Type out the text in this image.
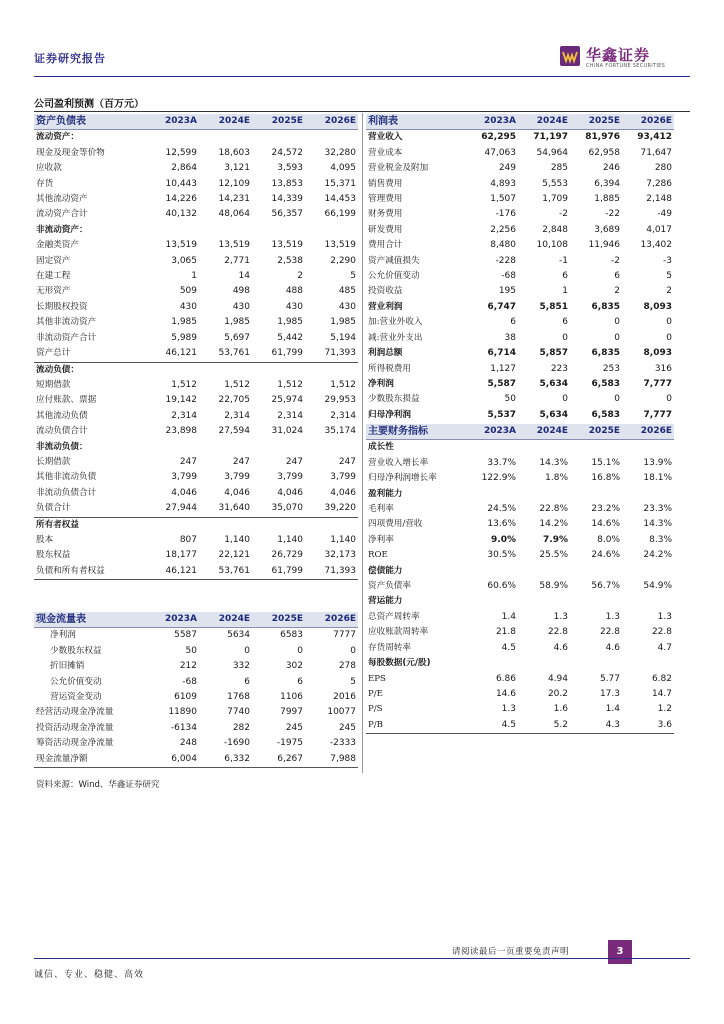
证券研究报告	华鑫证券
CHINA FORTUNE SECURITIES
公司盈利预测（百万元）
资产负债表	2023A	2024E	2025E	2026E
流动资产：				
现金及现金等价物	12,599	18,603	24,572	32,280
应收款	2,864	3,121	3,593	4,095
存货	10,443	12,109	13,853	15,371
其他流动资产	14,226	14,231	14,339	14,453
流动资产合计	40,132	48,064	56,357	66,199
非流动资产：				
金融类资产	13,519	13,519	13,519	13,519
固定资产	3,065	2,771	2,538	2,290
在建工程	1	14	2	5
无形资产	509	498	488	485
长期股权投资	430	430	430	430
其他非流动资产	1,985	1,985	1,985	1,985
非流动资产合计	5,989	5,697	5,442	5,194
资产总计	46,121	53,761	61,799	71,393
流动负债：				
短期借款	1,512	1,512	1,512	1,512
应付账款、票据	19,142	22,705	25,974	29,953
其他流动负债	2,314	2,314	2,314	2,314
流动负债合计	23,898	27,594	31,024	35,174
非流动负债：				
长期借款	247	247	247	247
其他非流动负债	3,799	3,799	3,799	3,799
非流动负债合计	4,046	4,046	4,046	4,046
负债合计	27,944	31,640	35,070	39,220
所有者权益				
股本	807	1,140	1,140	1,140
股东权益	18,177	22,121	26,729	32,173
负债和所有者权益	46,121	53,761	61,799	71,393
利润表	2023A	2024E	2025E	2026E
营业收入	62,295	71,197	81,976	93,412
营业成本	47,063	54,964	62,958	71,647
营业税金及附加	249	285	246	280
销售费用	4,893	5,553	6,394	7,286
管理费用	1,507	1,709	1,885	2,148
财务费用	-176	-2	-22	-49
研发费用	2,256	2,848	3,689	4,017
费用合计	8,480	10,108	11,946	13,402
资产减值损失	-228	-1	-2	-3
公允价值变动	-68	6	6	5
投资收益	195	1	2	2
营业利润	6,747	5,851	6,835	8,093
加:营业外收入	6	6	0	0
减:营业外支出	38	0	0	0
利润总额	6,714	5,857	6,835	8,093
所得税费用	1,127	223	253	316
净利润	5,587	5,634	6,583	7,777
少数股东损益	50	0	0	0
归母净利润	5,537	5,634	6,583	7,777
主要财务指标	2023A	2024E	2025E	2026E
成长性				
营业收入增长率	33.7%	14.3%	15.1%	13.9%
归母净利润增长率	122.9%	1.8%	16.8%	18.1%
盈利能力				
毛利率	24.5%	22.8%	23.2%	23.3%
四项费用/营收	13.6%	14.2%	14.6%	14.3%
净利率	9.0%	7.9%	8.0%	8.3%
ROE	30.5%	25.5%	24.6%	24.2%
偿债能力				
资产负债率	60.6%	58.9%	56.7%	54.9%
营运能力				
总资产周转率	1.4	1.3	1.3	1.3
应收账款周转率	21.8	22.8	22.8	22.8
存货周转率	4.5	4.6	4.6	4.7
每股数据(元/股)				
EPS	6.86	4.94	5.77	6.82
P/E	14.6	20.2	17.3	14.7
P/S	1.3	1.6	1.4	1.2
P/B	4.5	5.2	4.3	3.6
现金流量表	2023A	2024E	2025E	2026E
净利润	5587	5634	6583	7777
少数股东权益	50	0	0	0
折旧摊销	212	332	302	278
公允价值变动	-68	6	6	5
营运资金变动	6109	1768	1106	2016
经营活动现金净流量	11890	7740	7997	10077
投资活动现金净流量	-6134	282	245	245
筹资活动现金净流量	248	-1690	-1975	-2333
现金流量净额	6,004	6,332	6,267	7,988
资料来源：Wind、华鑫证券研究
请阅读最后一页重要免责声明	3
诚信、专业、稳健、高效
